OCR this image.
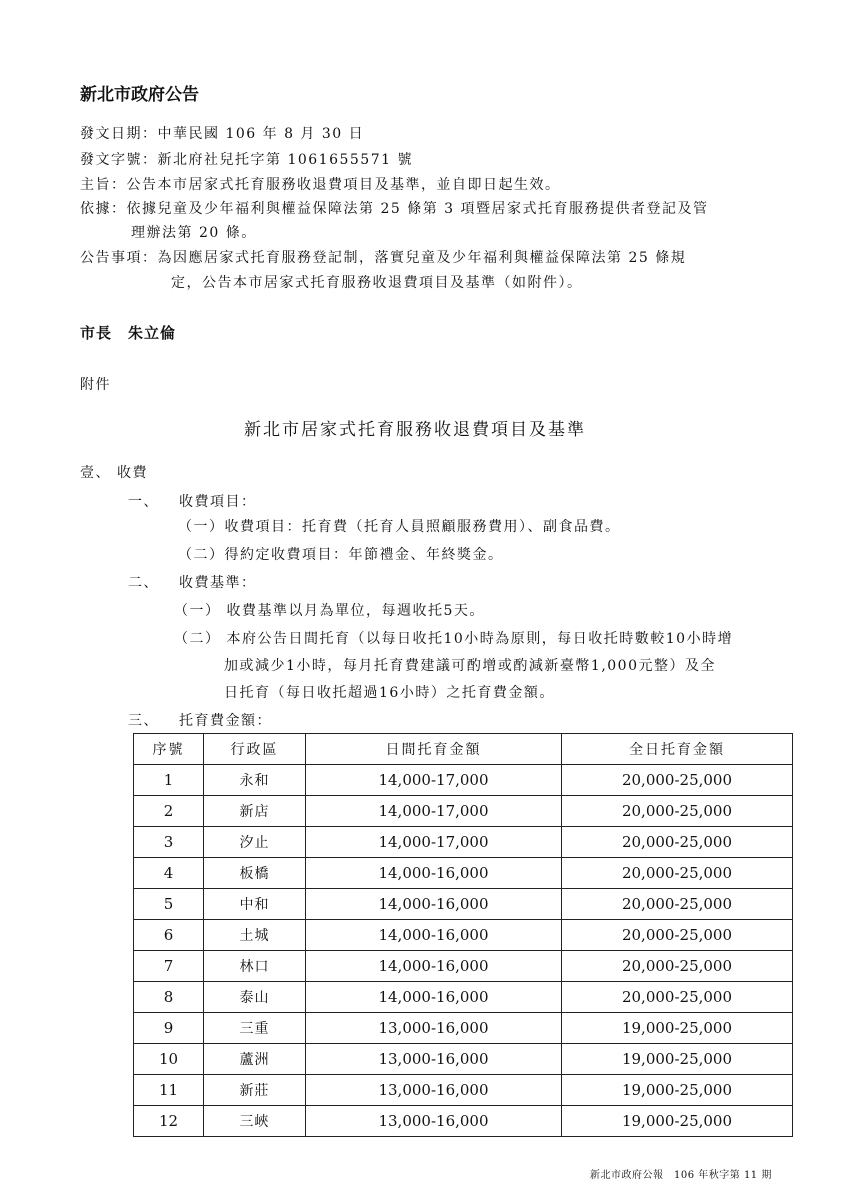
新北市政府公告
發文日期：中華民國 106 年 8 月 30 日
發文字號：新北府社兒托字第 1061655571 號
主旨：公告本市居家式托育服務收退費項目及基準，並自即日起生效。
依據：依據兒童及少年福利與權益保障法第 25 條第 3 項暨居家式托育服務提供者登記及管
理辦法第 20 條。
公告事項：為因應居家式托育服務登記制，落實兒童及少年福利與權益保障法第 25 條規
定，公告本市居家式托育服務收退費項目及基準（如附件）。
市長　朱立倫
附件
新北市居家式托育服務收退費項目及基準
壹、 收費
一、 收費項目：
（一）收費項目：托育費（托育人員照顧服務費用）、副食品費。
（二）得約定收費項目：年節禮金、年終獎金。
二、 收費基準：
（一） 收費基準以月為單位，每週收托5天。
（二） 本府公告日間托育（以每日收托10小時為原則，每日收托時數較10小時增
加或減少1小時，每月托育費建議可酌增或酌減新臺幣1,000元整）及全
日托育（每日收托超過16小時）之托育費金額。
三、 托育費金額：
序號	行政區	日間托育金額	全日托育金額
1	永和	14,000-17,000	20,000-25,000
2	新店	14,000-17,000	20,000-25,000
3	汐止	14,000-17,000	20,000-25,000
4	板橋	14,000-16,000	20,000-25,000
5	中和	14,000-16,000	20,000-25,000
6	土城	14,000-16,000	20,000-25,000
7	林口	14,000-16,000	20,000-25,000
8	泰山	14,000-16,000	20,000-25,000
9	三重	13,000-16,000	19,000-25,000
10	蘆洲	13,000-16,000	19,000-25,000
11	新莊	13,000-16,000	19,000-25,000
12	三峽	13,000-16,000	19,000-25,000
新北市政府公報　106 年秋字第 11 期
